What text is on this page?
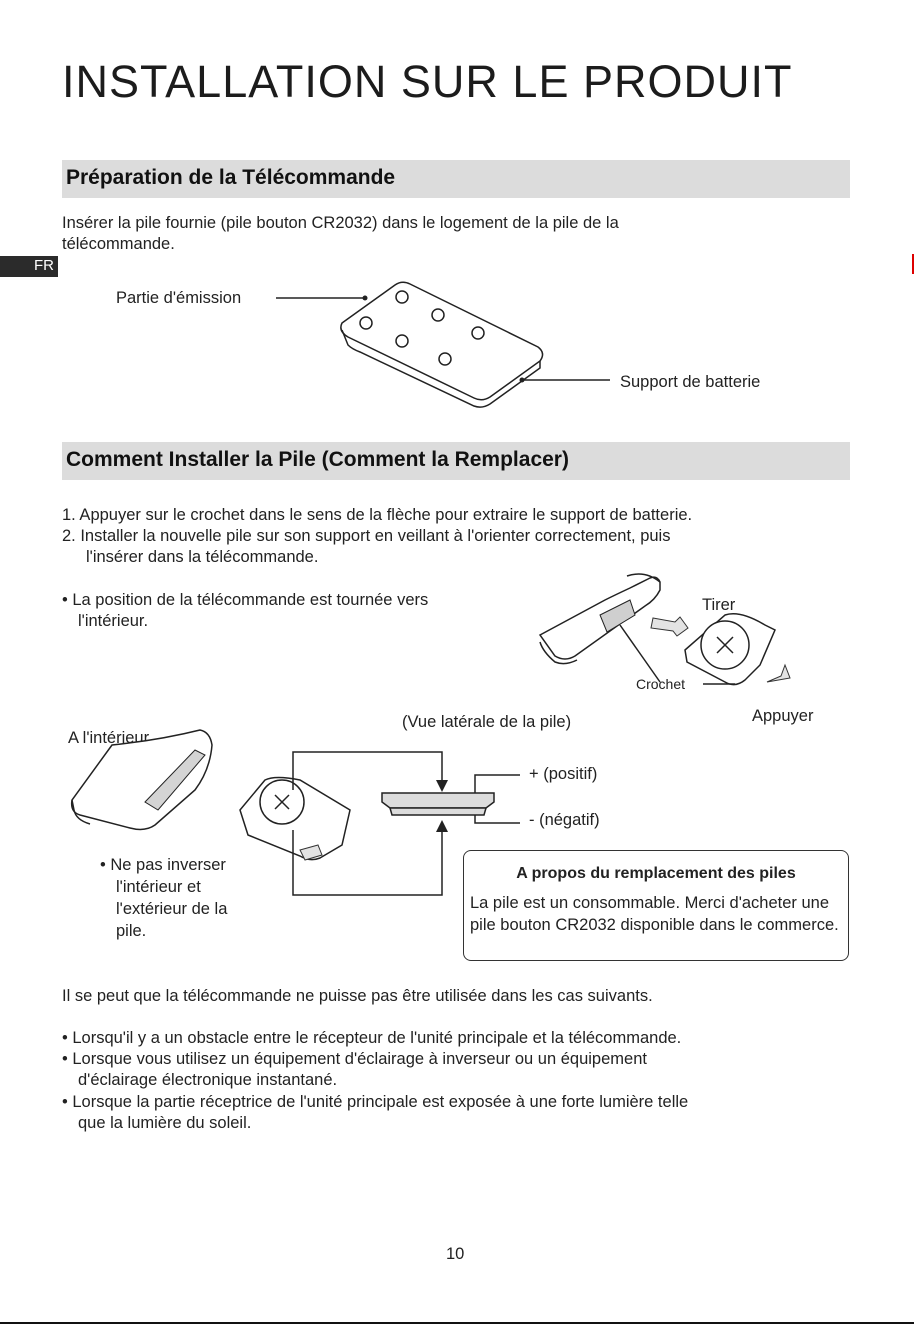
INSTALLATION SUR LE PRODUIT
FR
Préparation de la Télécommande
Insérer la pile fournie (pile bouton CR2032) dans le logement de la pile de la
télécommande.
Partie d'émission
Support de batterie
Comment Installer la Pile (Comment la Remplacer)
1. Appuyer sur le crochet dans le sens de la flèche pour extraire le support de batterie.
2. Installer la nouvelle pile sur son support en veillant à l'orienter correctement, puis
l'insérer dans la télécommande.
• La position de la télécommande est tournée vers
l'intérieur.
Tirer
Crochet
Appuyer
(Vue latérale de la pile)
A l'intérieur
+ (positif)
- (négatif)
• Ne pas inverser
l'intérieur et
l'extérieur de la
pile.
A propos du remplacement des piles
La pile est un consommable. Merci d'acheter une pile bouton CR2032 disponible dans le commerce.
Il se peut que la télécommande ne puisse pas être utilisée dans les cas suivants.
• Lorsqu'il y a un obstacle entre le récepteur de l'unité principale et la télécommande.
• Lorsque vous utilisez un équipement d'éclairage à inverseur ou un équipement
d'éclairage électronique instantané.
• Lorsque la partie réceptrice de l'unité principale est exposée à une forte lumière telle
que la lumière du soleil.
10
